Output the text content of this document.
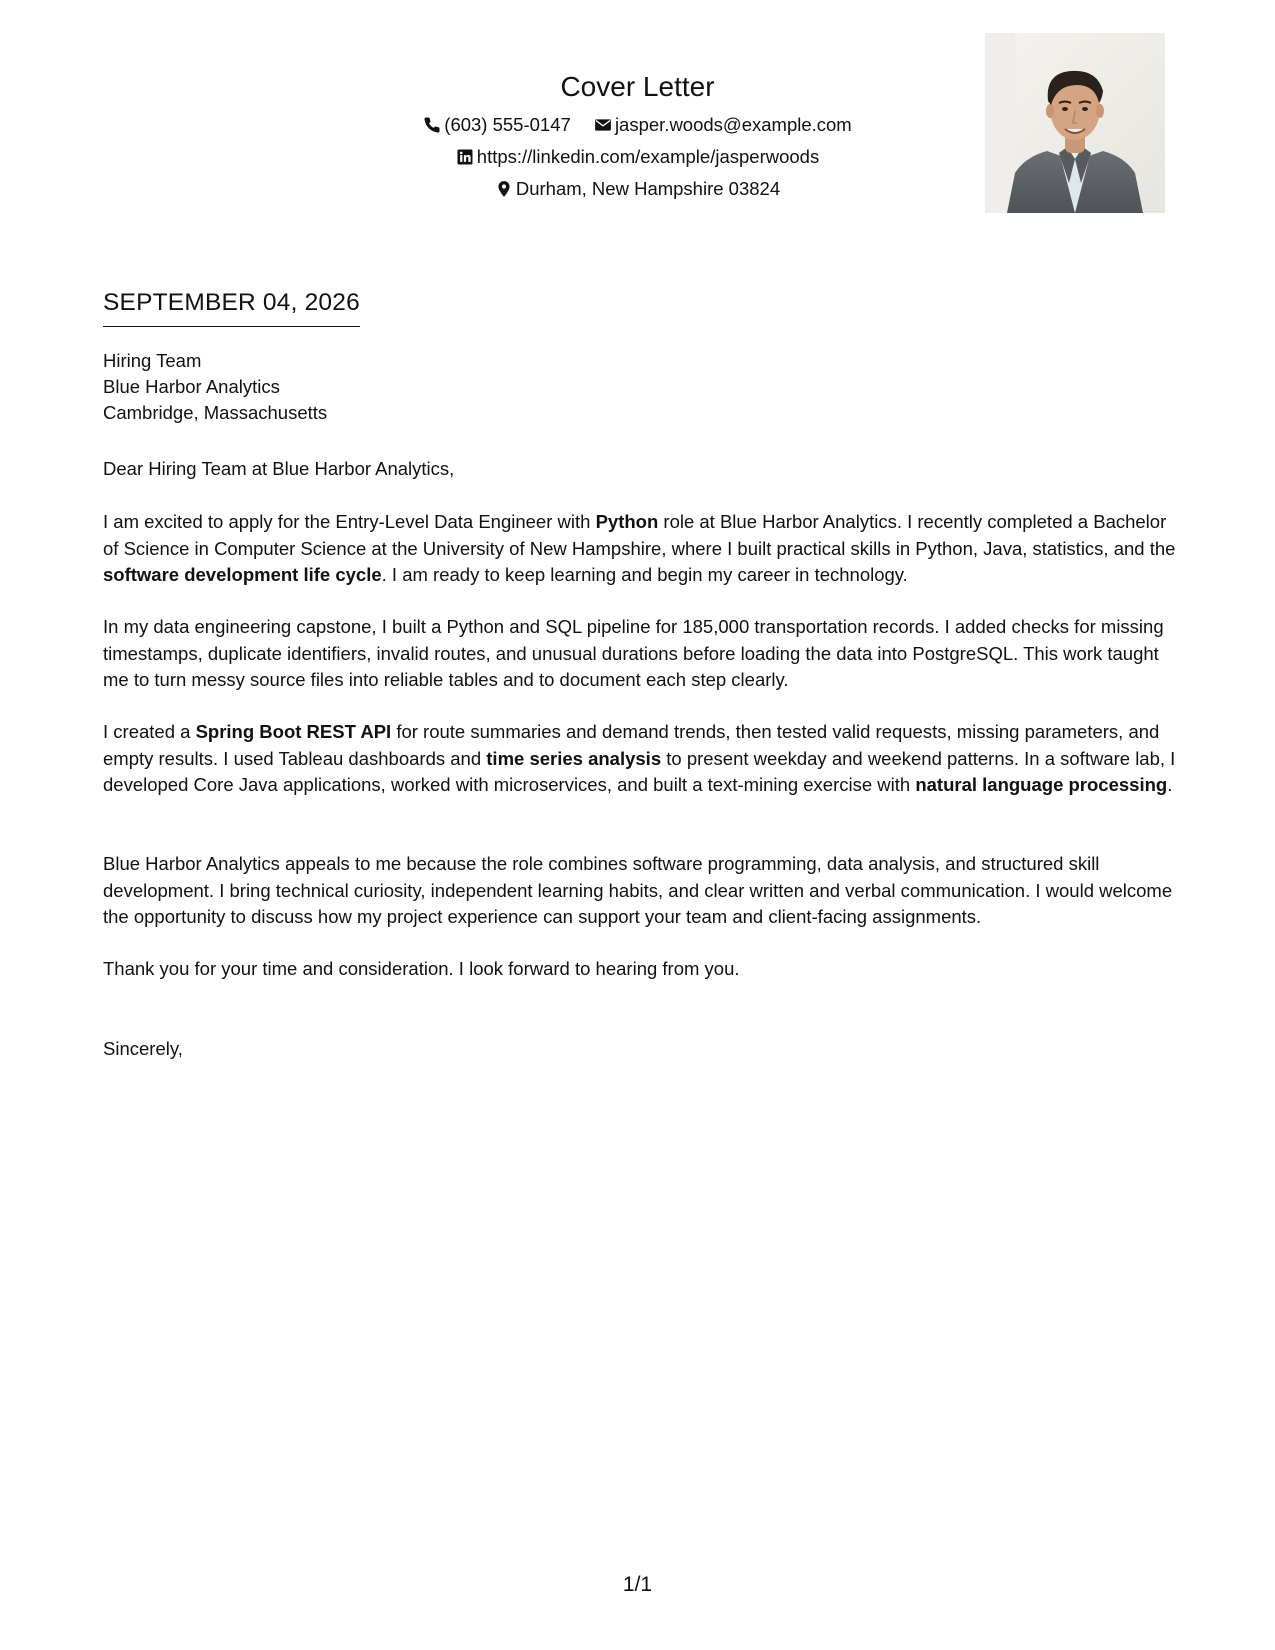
Cover Letter
(603) 555-0147
jasper.woods@example.com
https://linkedin.com/example/jasperwoods
Durham, New Hampshire 03824
SEPTEMBER 04, 2026
Hiring Team
Blue Harbor Analytics
Cambridge, Massachusetts

Dear Hiring Team at Blue Harbor Analytics,

I am excited to apply for the Entry-Level Data Engineer with Python role at Blue Harbor Analytics. I recently completed a Bachelor of Science in Computer Science at the University of New Hampshire, where I built practical skills in Python, Java, statistics, and the software development life cycle. I am ready to keep learning and begin my career in technology.

In my data engineering capstone, I built a Python and SQL pipeline for 185,000 transportation records. I added checks for missing timestamps, duplicate identifiers, invalid routes, and unusual durations before loading the data into PostgreSQL. This work taught me to turn messy source files into reliable tables and to document each step clearly.

I created a Spring Boot REST API for route summaries and demand trends, then tested valid requests, missing parameters, and empty results. I used Tableau dashboards and time series analysis to present weekday and weekend patterns. In a software lab, I developed Core Java applications, worked with microservices, and built a text-mining exercise with natural language processing.

Blue Harbor Analytics appeals to me because the role combines software programming, data analysis, and structured skill development. I bring technical curiosity, independent learning habits, and clear written and verbal communication. I would welcome the opportunity to discuss how my project experience can support your team and client-facing assignments.

Thank you for your time and consideration. I look forward to hearing from you.

Sincerely,

1/1
